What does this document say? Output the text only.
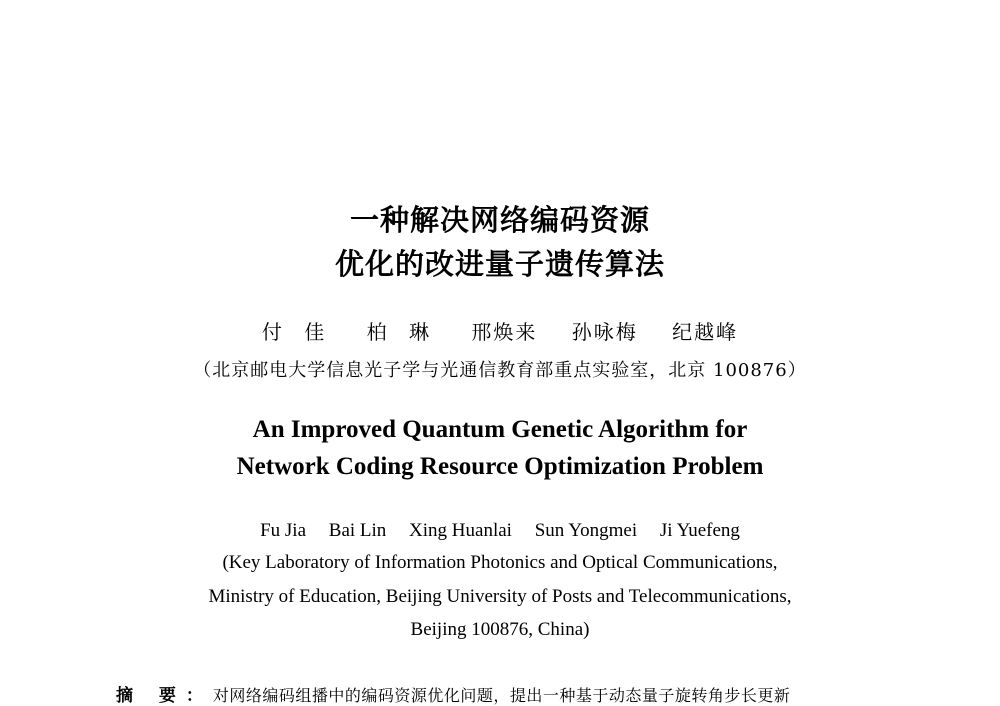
一种解决网络编码资源
优化的改进量子遗传算法
付 佳 柏 琳 邢焕来 孙咏梅 纪越峰
（北京邮电大学信息光子学与光通信教育部重点实验室，北京 100876）
An Improved Quantum Genetic Algorithm for
Network Coding Resource Optimization Problem
Fu Jia Bai Lin Xing Huanlai Sun Yongmei Ji Yuefeng
(Key Laboratory of Information Photonics and Optical Communications,
Ministry of Education, Beijing University of Posts and Telecommunications,
Beijing 100876, China)
摘 要：对网络编码组播中的编码资源优化问题，提出一种基于动态量子旋转角步长更新
